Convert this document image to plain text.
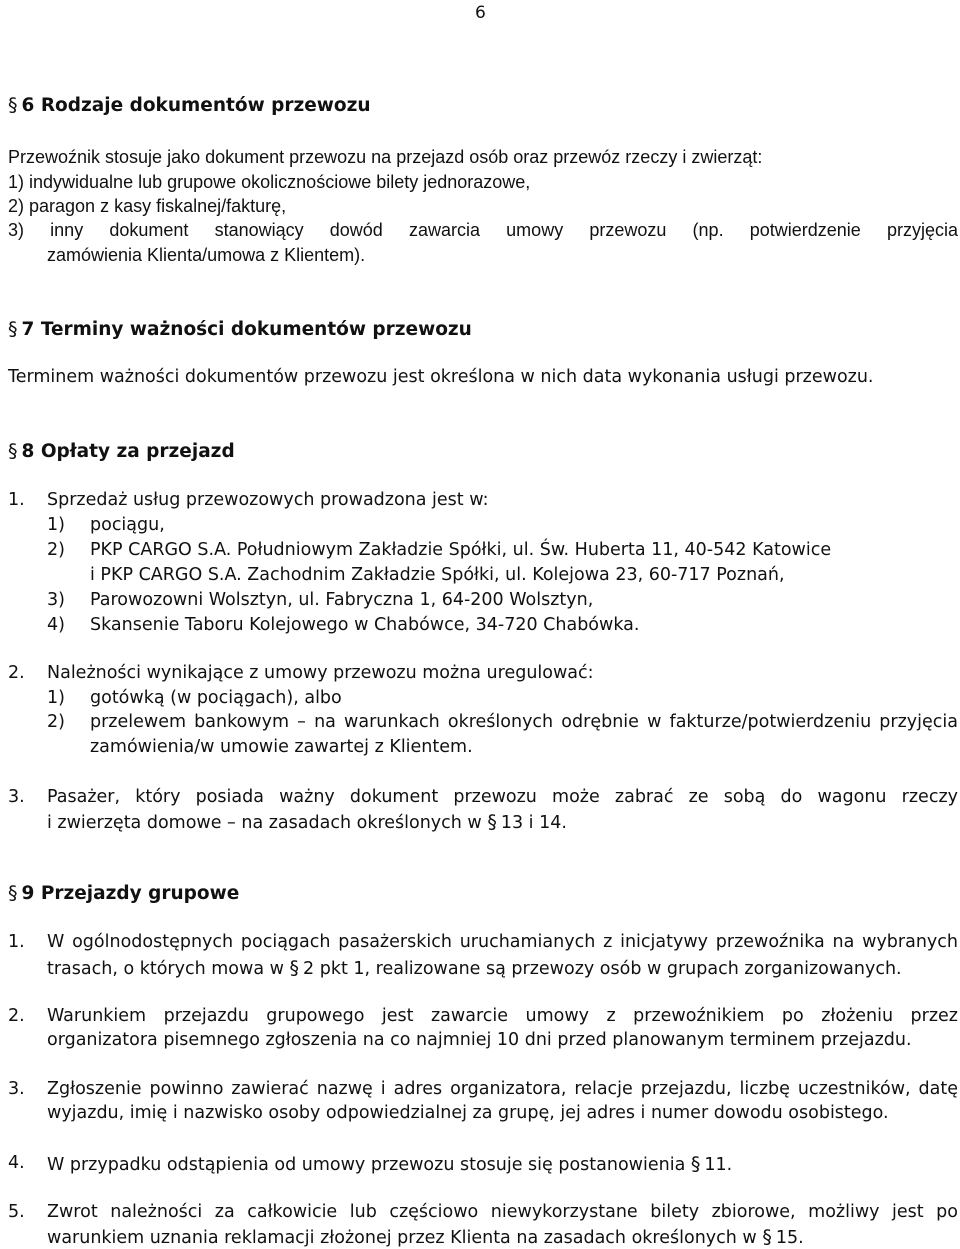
6
§ 6 Rodzaje dokumentów przewozu
Przewoźnik stosuje jako dokument przewozu na przejazd osób oraz przewóz rzeczy i zwierząt:
1) indywidualne lub grupowe okolicznościowe bilety jednorazowe,
2) paragon z kasy fiskalnej/fakturę,
3) inny dokument stanowiący dowód zawarcia umowy przewozu (np. potwierdzenie przyjęcia
zamówienia Klienta/umowa z Klientem).
§ 7 Terminy ważności dokumentów przewozu
Terminem ważności dokumentów przewozu jest określona w nich data wykonania usługi przewozu.
§ 8 Opłaty za przejazd
1. Sprzedaż usług przewozowych prowadzona jest w:
1) pociągu,
2) PKP CARGO S.A. Południowym Zakładzie Spółki, ul. Św. Huberta 11, 40-542 Katowice
i PKP CARGO S.A. Zachodnim Zakładzie Spółki, ul. Kolejowa 23, 60-717 Poznań,
3) Parowozowni Wolsztyn, ul. Fabryczna 1, 64-200 Wolsztyn,
4) Skansenie Taboru Kolejowego w Chabówce, 34-720 Chabówka.
2. Należności wynikające z umowy przewozu można uregulować:
1) gotówką (w pociągach), albo
2) przelewem bankowym – na warunkach określonych odrębnie w fakturze/potwierdzeniu przyjęcia
zamówienia/w umowie zawartej z Klientem.
3. Pasażer, który posiada ważny dokument przewozu może zabrać ze sobą do wagonu rzeczy
i zwierzęta domowe – na zasadach określonych w § 13 i 14.
§ 9 Przejazdy grupowe
1. W ogólnodostępnych pociągach pasażerskich uruchamianych z inicjatywy przewoźnika na wybranych
trasach, o których mowa w § 2 pkt 1, realizowane są przewozy osób w grupach zorganizowanych.
2. Warunkiem przejazdu grupowego jest zawarcie umowy z przewoźnikiem po złożeniu przez
organizatora pisemnego zgłoszenia na co najmniej 10 dni przed planowanym terminem przejazdu.
3. Zgłoszenie powinno zawierać nazwę i adres organizatora, relacje przejazdu, liczbę uczestników, datę
wyjazdu, imię i nazwisko osoby odpowiedzialnej za grupę, jej adres i numer dowodu osobistego.
4. W przypadku odstąpienia od umowy przewozu stosuje się postanowienia § 11.
5. Zwrot należności za całkowicie lub częściowo niewykorzystane bilety zbiorowe, możliwy jest po
warunkiem uznania reklamacji złożonej przez Klienta na zasadach określonych w § 15.
